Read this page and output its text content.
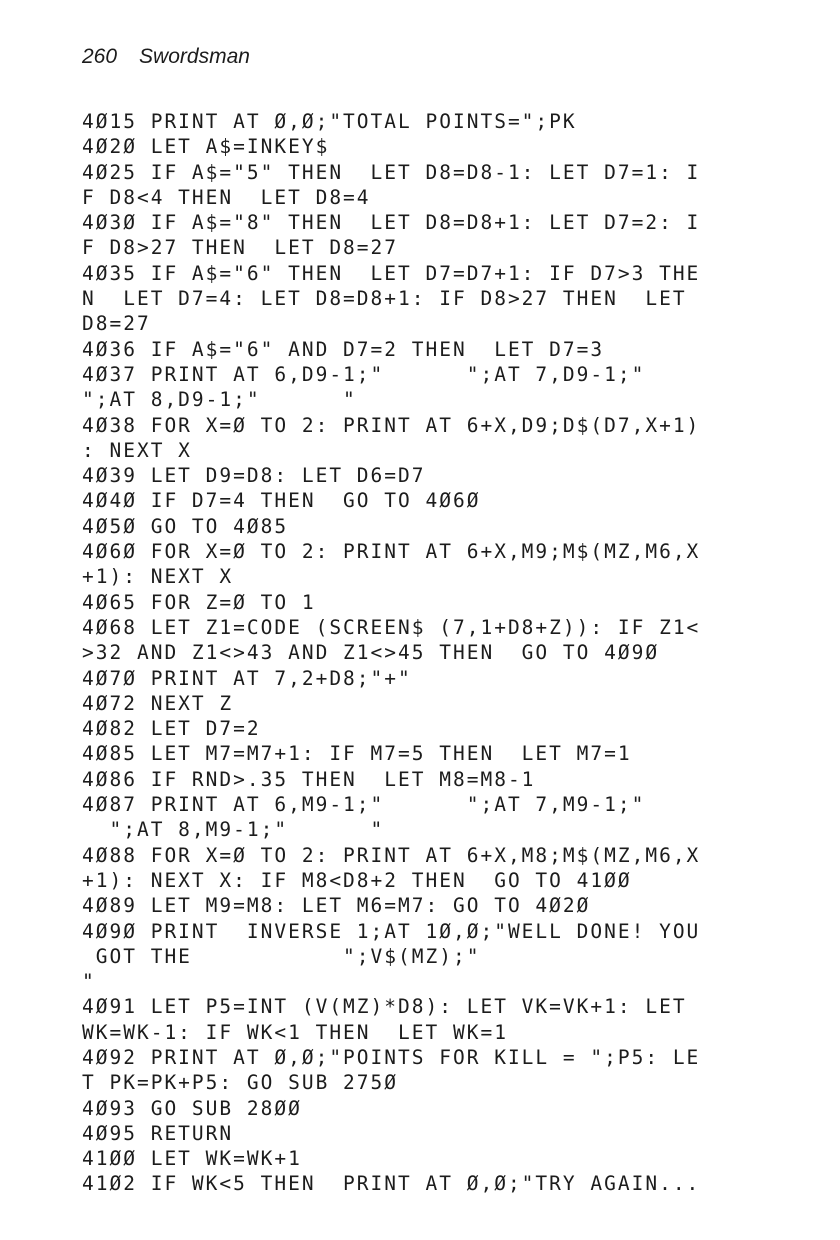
260 Swordsman
4Ø15 PRINT AT Ø,Ø;"TOTAL POINTS=";PK
4Ø2Ø LET A$=INKEY$
4Ø25 IF A$="5" THEN  LET D8=D8-1: LET D7=1: I
F D8<4 THEN  LET D8=4
4Ø3Ø IF A$="8" THEN  LET D8=D8+1: LET D7=2: I
F D8>27 THEN  LET D8=27
4Ø35 IF A$="6" THEN  LET D7=D7+1: IF D7>3 THE
N  LET D7=4: LET D8=D8+1: IF D8>27 THEN  LET
D8=27
4Ø36 IF A$="6" AND D7=2 THEN  LET D7=3
4Ø37 PRINT AT 6,D9-1;"      ";AT 7,D9-1;"
";AT 8,D9-1;"      "
4Ø38 FOR X=Ø TO 2: PRINT AT 6+X,D9;D$(D7,X+1)
: NEXT X
4Ø39 LET D9=D8: LET D6=D7
4Ø4Ø IF D7=4 THEN  GO TO 4Ø6Ø
4Ø5Ø GO TO 4Ø85
4Ø6Ø FOR X=Ø TO 2: PRINT AT 6+X,M9;M$(MZ,M6,X
+1): NEXT X
4Ø65 FOR Z=Ø TO 1
4Ø68 LET Z1=CODE (SCREEN$ (7,1+D8+Z)): IF Z1<
>32 AND Z1<>43 AND Z1<>45 THEN  GO TO 4Ø9Ø
4Ø7Ø PRINT AT 7,2+D8;"+"
4Ø72 NEXT Z
4Ø82 LET D7=2
4Ø85 LET M7=M7+1: IF M7=5 THEN  LET M7=1
4Ø86 IF RND>.35 THEN  LET M8=M8-1
4Ø87 PRINT AT 6,M9-1;"      ";AT 7,M9-1;"
";AT 8,M9-1;"      "
4Ø88 FOR X=Ø TO 2: PRINT AT 6+X,M8;M$(MZ,M6,X
+1): NEXT X: IF M8<D8+2 THEN  GO TO 41ØØ
4Ø89 LET M9=M8: LET M6=M7: GO TO 4Ø2Ø
4Ø9Ø PRINT  INVERSE 1;AT 1Ø,Ø;"WELL DONE! YOU
GOT THE           ";V$(MZ);"
"
4Ø91 LET P5=INT (V(MZ)*D8): LET VK=VK+1: LET
WK=WK-1: IF WK<1 THEN  LET WK=1
4Ø92 PRINT AT Ø,Ø;"POINTS FOR KILL = ";P5: LE
T PK=PK+P5: GO SUB 275Ø
4Ø93 GO SUB 28ØØ
4Ø95 RETURN
41ØØ LET WK=WK+1
41Ø2 IF WK<5 THEN  PRINT AT Ø,Ø;"TRY AGAIN...
